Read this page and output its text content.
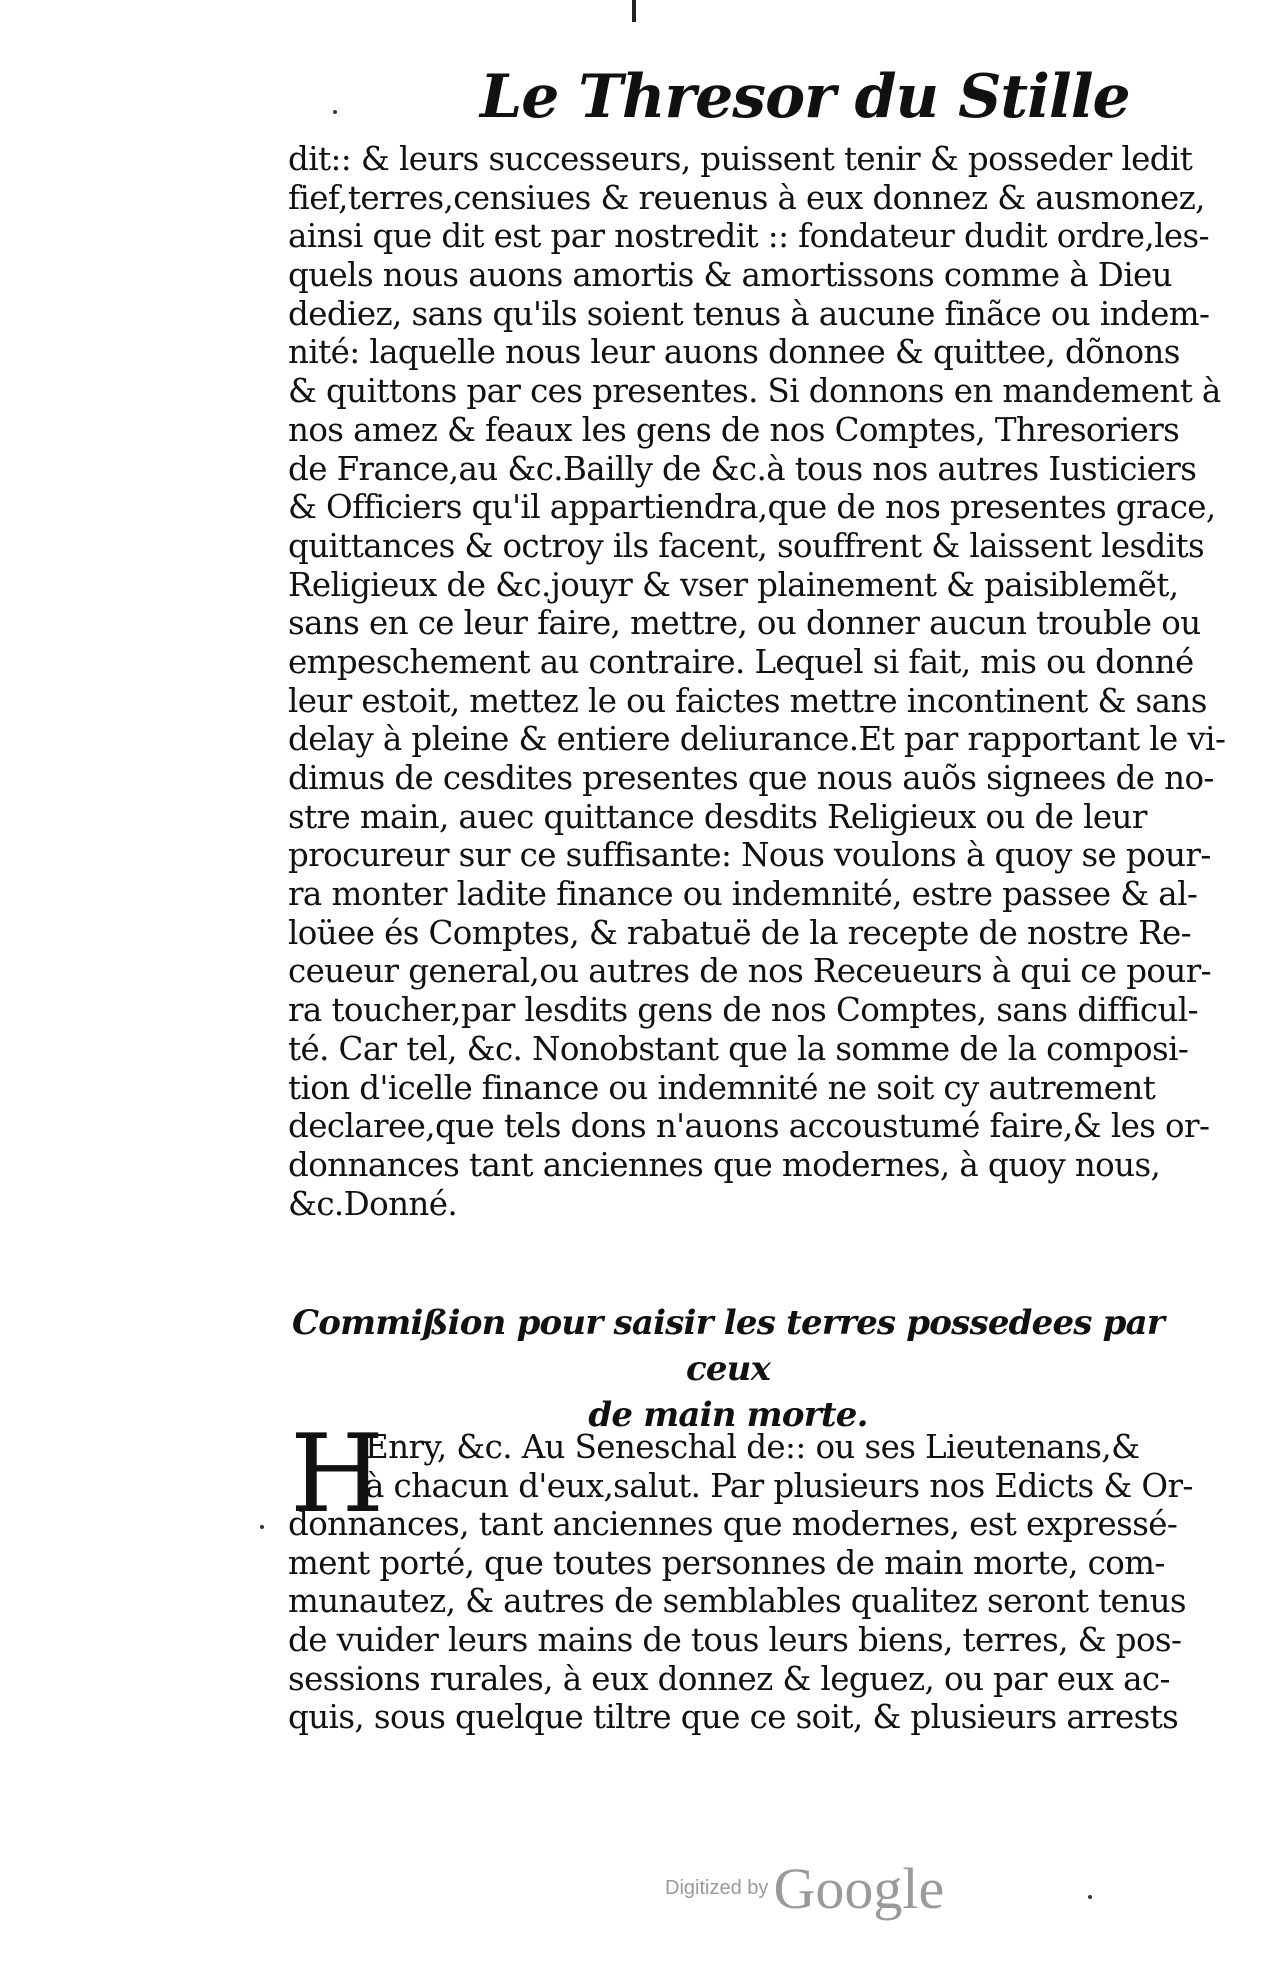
Le Thresor du Stille
dit:: & leurs successeurs, puissent tenir & posseder ledit
fief,terres,censiues & reuenus à eux donnez & ausmonez,
ainsi que dit est par nostredit :: fondateur dudit ordre,les-
quels nous auons amortis & amortissons comme à Dieu
dediez, sans qu'ils soient tenus à aucune finãce ou indem-
nité: laquelle nous leur auons donnee & quittee, dõnons
& quittons par ces presentes. Si donnons en mandement à
nos amez & feaux les gens de nos Comptes, Thresoriers
de France,au &c.Bailly de &c.à tous nos autres Iusticiers
& Officiers qu'il appartiendra,que de nos presentes grace,
quittances & octroy ils facent, souffrent & laissent lesdits
Religieux de &c.jouyr & vser plainement & paisiblemẽt,
sans en ce leur faire, mettre, ou donner aucun trouble ou
empeschement au contraire. Lequel si fait, mis ou donné
leur estoit, mettez le ou faictes mettre incontinent & sans
delay à pleine & entiere deliurance.Et par rapportant le vi-
dimus de cesdites presentes que nous auõs signees de no-
stre main, auec quittance desdits Religieux ou de leur
procureur sur ce suffisante: Nous voulons à quoy se pour-
ra monter ladite finance ou indemnité, estre passee & al-
loüee és Comptes, & rabatuë de la recepte de nostre Re-
ceueur general,ou autres de nos Receueurs à qui ce pour-
ra toucher,par lesdits gens de nos Comptes, sans difficul-
té. Car tel, &c. Nonobstant que la somme de la composi-
tion d'icelle finance ou indemnité ne soit cy autrement
declaree,que tels dons n'auons accoustumé faire,& les or-
donnances tant anciennes que modernes, à quoy nous,
&c.Donné.
Commißion pour saisir les terres possedees par ceux
de main morte.
H
Enry, &c. Au Seneschal de:: ou ses Lieutenans,&
à chacun d'eux,salut. Par plusieurs nos Edicts & Or-
donnances, tant anciennes que modernes, est expressé-
ment porté, que toutes personnes de main morte, com-
munautez, & autres de semblables qualitez seront tenus
de vuider leurs mains de tous leurs biens, terres, & pos-
sessions rurales, à eux donnez & leguez, ou par eux ac-
quis, sous quelque tiltre que ce soit, & plusieurs arrests
Digitized by Google
